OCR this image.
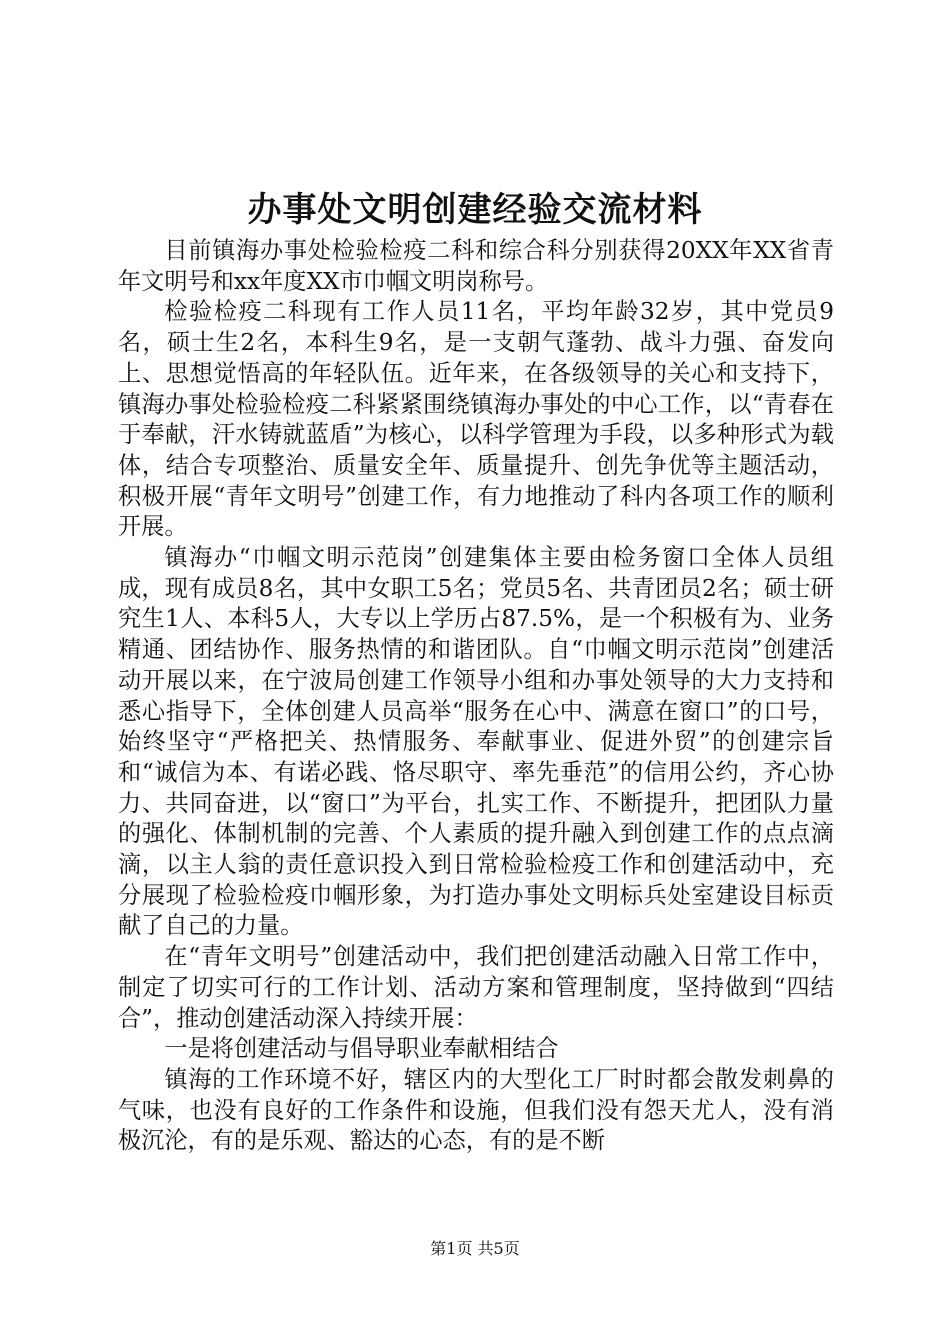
办事处文明创建经验交流材料

目前镇海办事处检验检疫二科和综合科分别获得20XX年XX省青年文明号和xx年度XX市巾帼文明岗称号。

检验检疫二科现有工作人员11名，平均年龄32岁，其中党员9名，硕士生2名，本科生9名，是一支朝气蓬勃、战斗力强、奋发向上、思想觉悟高的年轻队伍。近年来，在各级领导的关心和支持下，镇海办事处检验检疫二科紧紧围绕镇海办事处的中心工作，以“青春在于奉献，汗水铸就蓝盾”为核心，以科学管理为手段，以多种形式为载体，结合专项整治、质量安全年、质量提升、创先争优等主题活动，积极开展“青年文明号”创建工作，有力地推动了科内各项工作的顺利开展。

镇海办“巾帼文明示范岗”创建集体主要由检务窗口全体人员组成，现有成员8名，其中女职工5名；党员5名、共青团员2名；硕士研究生1人、本科5人，大专以上学历占87.5%，是一个积极有为、业务精通、团结协作、服务热情的和谐团队。自“巾帼文明示范岗”创建活动开展以来，在宁波局创建工作领导小组和办事处领导的大力支持和悉心指导下，全体创建人员高举“服务在心中、满意在窗口”的口号，始终坚守“严格把关、热情服务、奉献事业、促进外贸”的创建宗旨和“诚信为本、有诺必践、恪尽职守、率先垂范”的信用公约，齐心协力、共同奋进，以“窗口”为平台，扎实工作、不断提升，把团队力量的强化、体制机制的完善、个人素质的提升融入到创建工作的点点滴滴，以主人翁的责任意识投入到日常检验检疫工作和创建活动中，充分展现了检验检疫巾帼形象，为打造办事处文明标兵处室建设目标贡献了自己的力量。

在“青年文明号”创建活动中，我们把创建活动融入日常工作中，制定了切实可行的工作计划、活动方案和管理制度，坚持做到“四结合”，推动创建活动深入持续开展：

一是将创建活动与倡导职业奉献相结合

镇海的工作环境不好，辖区内的大型化工厂时时都会散发刺鼻的气味，也没有良好的工作条件和设施，但我们没有怨天尤人，没有消极沉沦，有的是乐观、豁达的心态，有的是不断

第1页 共5页
